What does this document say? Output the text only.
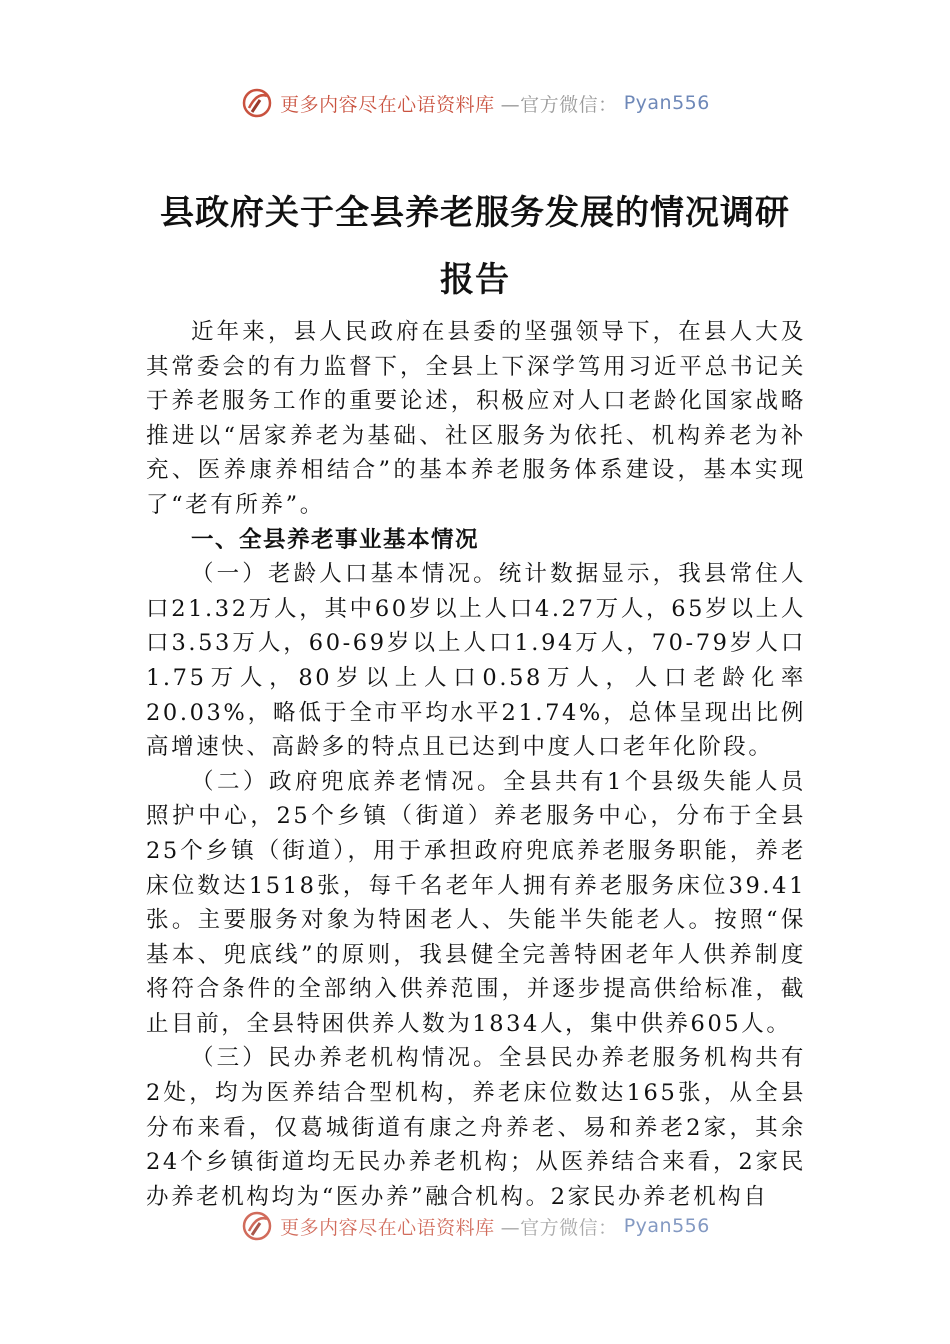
更多内容尽在心语资料库 —官方微信： Pyan556
县政府关于全县养老服务发展的情况调研
报告

近年来，县人民政府在县委的坚强领导下，在县人大及其常委会的有力监督下，全县上下深学笃用习近平总书记关于养老服务工作的重要论述，积极应对人口老龄化国家战略推进以“居家养老为基础、社区服务为依托、机构养老为补充、医养康养相结合”的基本养老服务体系建设，基本实现了“老有所养”。

一、全县养老事业基本情况

（一）老龄人口基本情况。统计数据显示，我县常住人口21.32万人，其中60岁以上人口4.27万人，65岁以上人口3.53万人，60-69岁以上人口1.94万人，70-79岁人口1.75万人，80岁以上人口0.58万人，人口老龄化率20.03%，略低于全市平均水平21.74%，总体呈现出比例高增速快、高龄多的特点且已达到中度人口老年化阶段。

（二）政府兜底养老情况。全县共有1个县级失能人员照护中心，25个乡镇（街道）养老服务中心，分布于全县25个乡镇（街道），用于承担政府兜底养老服务职能，养老床位数达1518张，每千名老年人拥有养老服务床位39.41张。主要服务对象为特困老人、失能半失能老人。按照“保基本、兜底线”的原则，我县健全完善特困老年人供养制度将符合条件的全部纳入供养范围，并逐步提高供给标准，截止目前，全县特困供养人数为1834人，集中供养605人。

（三）民办养老机构情况。全县民办养老服务机构共有2处，均为医养结合型机构，养老床位数达165张，从全县分布来看，仅葛城街道有康之舟养老、易和养老2家，其余24个乡镇街道均无民办养老机构；从医养结合来看，2家民办养老机构均为“医办养”融合机构。2家民办养老机构自

更多内容尽在心语资料库 —官方微信： Pyan556
